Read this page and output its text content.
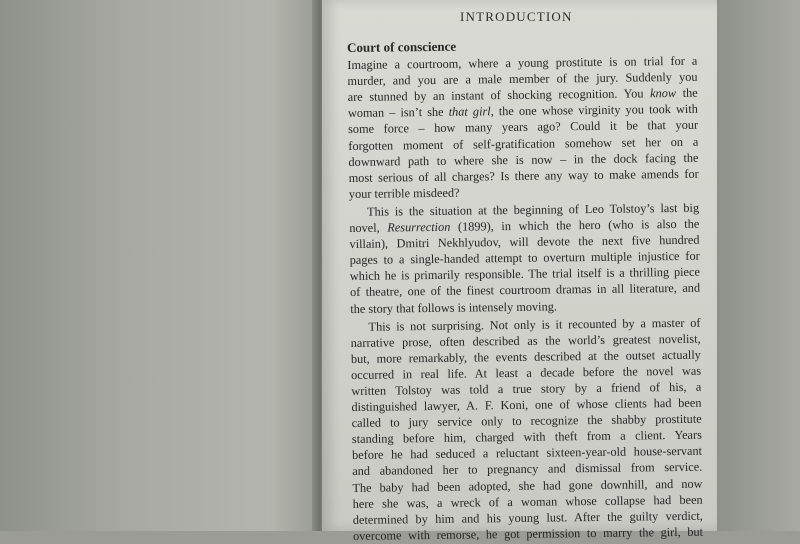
INTRODUCTION
Court of conscience
Imagine a courtroom, where a young prostitute is on trial for a
murder, and you are a male member of the jury. Suddenly you
are stunned by an instant of shocking recognition. You know the
woman – isn’t she that girl, the one whose virginity you took with
some force – how many years ago? Could it be that your
forgotten moment of self-gratification somehow set her on a
downward path to where she is now – in the dock facing the
most serious of all charges? Is there any way to make amends for
your terrible misdeed?
This is the situation at the beginning of Leo Tolstoy’s last big
novel, Resurrection (1899), in which the hero (who is also the
villain), Dmitri Nekhlyudov, will devote the next five hundred
pages to a single-handed attempt to overturn multiple injustice for
which he is primarily responsible. The trial itself is a thrilling piece
of theatre, one of the finest courtroom dramas in all literature, and
the story that follows is intensely moving.
This is not surprising. Not only is it recounted by a master of
narrative prose, often described as the world’s greatest novelist,
but, more remarkably, the events described at the outset actually
occurred in real life. At least a decade before the novel was
written Tolstoy was told a true story by a friend of his, a
distinguished lawyer, A. F. Koni, one of whose clients had been
called to jury service only to recognize the shabby prostitute
standing before him, charged with theft from a client. Years
before he had seduced a reluctant sixteen-year-old house-servant
and abandoned her to pregnancy and dismissal from service.
The baby had been adopted, she had gone downhill, and now
here she was, a wreck of a woman whose collapse had been
determined by him and his young lust. After the guilty verdict,
overcome with remorse, he got permission to marry the girl, but
